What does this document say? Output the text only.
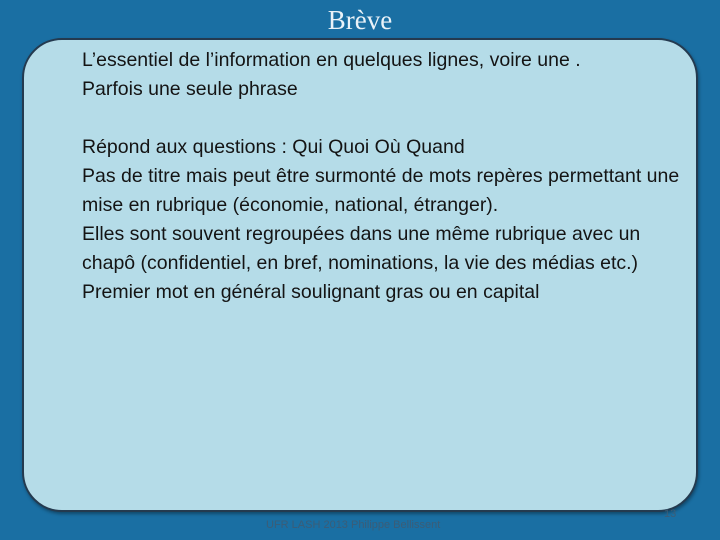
Brève

L’essentiel de l’information en quelques lignes, voire une .

Parfois une seule phrase

Répond aux questions : Qui Quoi Où Quand

Pas de titre mais peut être surmonté de mots repères permettant une mise en rubrique (économie, national, étranger).

Elles sont souvent regroupées dans une même rubrique avec un chapô (confidentiel, en bref, nominations, la vie des médias etc.)

Premier mot en général soulignant gras ou en capital

UFR LASH 2013 Philippe Bellissent
13
